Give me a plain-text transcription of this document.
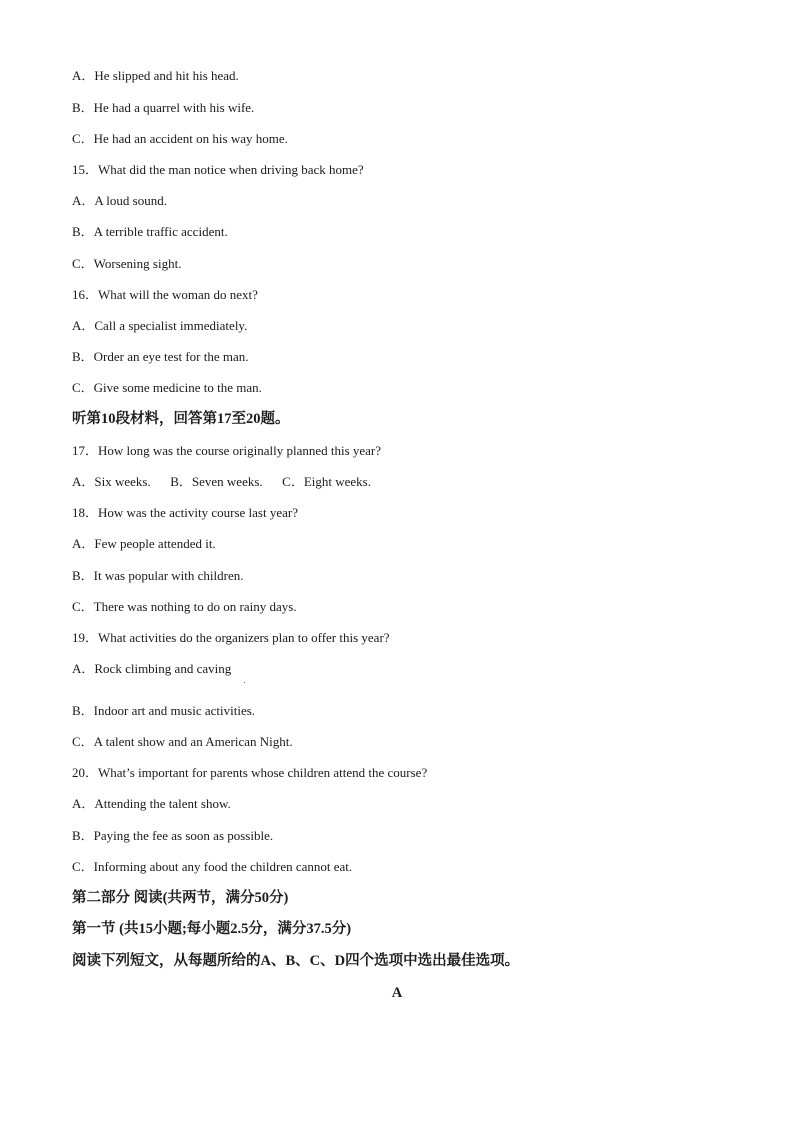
A．He slipped and hit his head.
B．He had a quarrel with his wife.
C．He had an accident on his way home.
15．What did the man notice when driving back home?
A．A loud sound.
B．A terrible traffic accident.
C．Worsening sight.
16．What will the woman do next?
A．Call a specialist immediately.
B．Order an eye test for the man.
C．Give some medicine to the man.
听第10段材料，回答第17至20题。
17．How long was the course originally planned this year?
A．Six weeks.      B．Seven weeks.      C．Eight weeks.
18．How was the activity course last year?
A．Few people attended it.
B．It was popular with children.
C．There was nothing to do on rainy days.
19．What activities do the organizers plan to offer this year?
A．Rock climbing and caving
B．Indoor art and music activities.
C．A talent show and an American Night.
20．What’s important for parents whose children attend the course?
A．Attending the talent show.
B．Paying the fee as soon as possible.
C．Informing about any food the children cannot eat.
第二部分 阅读(共两节，满分50分)
第一节 (共15小题;每小题2.5分，满分37.5分)
阅读下列短文，从每题所给的A、B、C、D四个选项中选出最佳选项。
A
